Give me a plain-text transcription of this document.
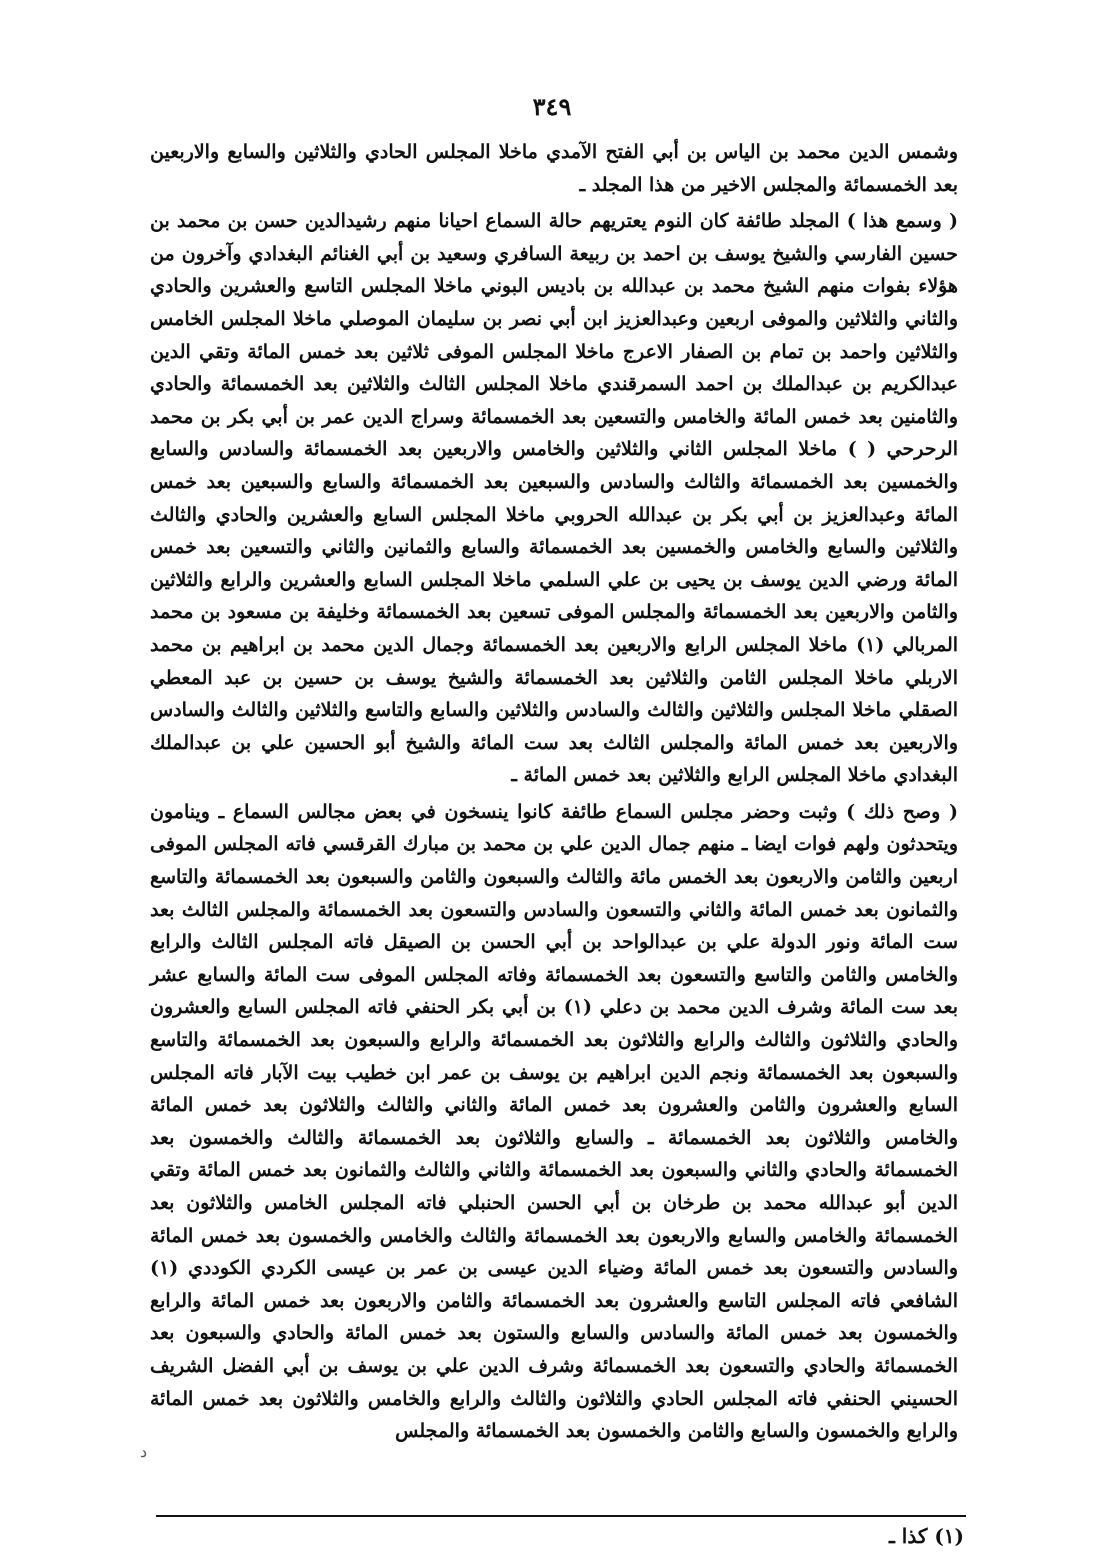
٣٤٩

وشمس الدين محمد بن الياس بن أبي الفتح الآمدي ماخلا المجلس الحادي والثلاثين والسابع والاربعين بعد الخمسمائة والمجلس الاخير من هذا المجلد ـ

( وسمع هذا ) المجلد طائفة كان النوم يعتريهم حالة السماع احيانا منهم رشيدالدين حسن بن محمد بن حسين الفارسي والشيخ يوسف بن احمد بن ربيعة السافري وسعيد بن أبي الغنائم البغدادي وآخرون من هؤلاء بفوات منهم الشيخ محمد بن عبدالله بن باديس البوني ماخلا المجلس التاسع والعشرين والحادي والثاني والثلاثين والموفى اربعين وعبدالعزيز ابن أبي نصر بن سليمان الموصلي ماخلا المجلس الخامس والثلاثين واحمد بن تمام بن الصفار الاعرج ماخلا المجلس الموفى ثلاثين بعد خمس المائة وتقي الدين عبدالكريم بن عبدالملك بن احمد السمرقندي ماخلا المجلس الثالث والثلاثين بعد الخمسمائة والحادي والثامنين بعد خمس المائة والخامس والتسعين بعد الخمسمائة وسراج الدين عمر بن أبي بكر بن محمد الرحرحي ( ) ماخلا المجلس الثاني والثلاثين والخامس والاربعين بعد الخمسمائة والسادس والسابع والخمسين بعد الخمسمائة والثالث والسادس والسبعين بعد الخمسمائة والسابع والسبعين بعد خمس المائة وعبدالعزيز بن أبي بكر بن عبدالله الحروبي ماخلا المجلس السابع والعشرين والحادي والثالث والثلاثين والسابع والخامس والخمسين بعد الخمسمائة والسابع والثمانين والثاني والتسعين بعد خمس المائة ورضي الدين يوسف بن يحيى بن علي السلمي ماخلا المجلس السابع والعشرين والرابع والثلاثين والثامن والاربعين بعد الخمسمائة والمجلس الموفى تسعين بعد الخمسمائة وخليفة بن مسعود بن محمد المربالي (١) ماخلا المجلس الرابع والاربعين بعد الخمسمائة وجمال الدين محمد بن ابراهيم بن محمد الاربلي ماخلا المجلس الثامن والثلاثين بعد الخمسمائة والشيخ يوسف بن حسين بن عبد المعطي الصقلي ماخلا المجلس والثلاثين والثالث والسادس والثلاثين والسابع والتاسع والثلاثين والثالث والسادس والاربعين بعد خمس المائة والمجلس الثالث بعد ست المائة والشيخ أبو الحسين علي بن عبدالملك البغدادي ماخلا المجلس الرابع والثلاثين بعد خمس المائة ـ

( وصح ذلك ) وثبت وحضر مجلس السماع طائفة كانوا ينسخون في بعض مجالس السماع ـ وينامون ويتحدثون ولهم فوات ايضا ـ منهم جمال الدين علي بن محمد بن مبارك القرقسي فاته المجلس الموفى اربعين والثامن والاربعون بعد الخمس مائة والثالث والسبعون والثامن والسبعون بعد الخمسمائة والتاسع والثمانون بعد خمس المائة والثاني والتسعون والسادس والتسعون بعد الخمسمائة والمجلس الثالث بعد ست المائة ونور الدولة علي بن عبدالواحد بن أبي الحسن بن الصيقل فاته المجلس الثالث والرابع والخامس والثامن والتاسع والتسعون بعد الخمسمائة وفاته المجلس الموفى ست المائة والسابع عشر بعد ست المائة وشرف الدين محمد بن دعلي (١) بن أبي بكر الحنفي فاته المجلس السابع والعشرون والحادي والثلاثون والثالث والرابع والثلاثون بعد الخمسمائة والرابع والسبعون بعد الخمسمائة والتاسع والسبعون بعد الخمسمائة ونجم الدين ابراهيم بن يوسف بن عمر ابن خطيب بيت الآبار فاته المجلس السابع والعشرون والثامن والعشرون بعد خمس المائة والثاني والثالث والثلاثون بعد خمس المائة والخامس والثلاثون بعد الخمسمائة ـ والسابع والثلاثون بعد الخمسمائة والثالث والخمسون بعد الخمسمائة والحادي والثاني والسبعون بعد الخمسمائة والثاني والثالث والثمانون بعد خمس المائة وتقي الدين أبو عبدالله محمد بن طرخان بن أبي الحسن الحنبلي فاته المجلس الخامس والثلاثون بعد الخمسمائة والخامس والسابع والاربعون بعد الخمسمائة والثالث والخامس والخمسون بعد خمس المائة والسادس والتسعون بعد خمس المائة وضياء الدين عيسى بن عمر بن عيسى الكردي الكوددي (١) الشافعي فاته المجلس التاسع والعشرون بعد الخمسمائة والثامن والاربعون بعد خمس المائة والرابع والخمسون بعد خمس المائة والسادس والسابع والستون بعد خمس المائة والحادي والسبعون بعد الخمسمائة والحادي والتسعون بعد الخمسمائة وشرف الدين علي بن يوسف بن أبي الفضل الشريف الحسيني الحنفي فاته المجلس الحادي والثلاثون والثالث والرابع والخامس والثلاثون بعد خمس المائة والرابع والخمسون والسابع والثامن والخمسون بعد الخمسمائة والمجلس

ﺩ
(١) كذا ـ
